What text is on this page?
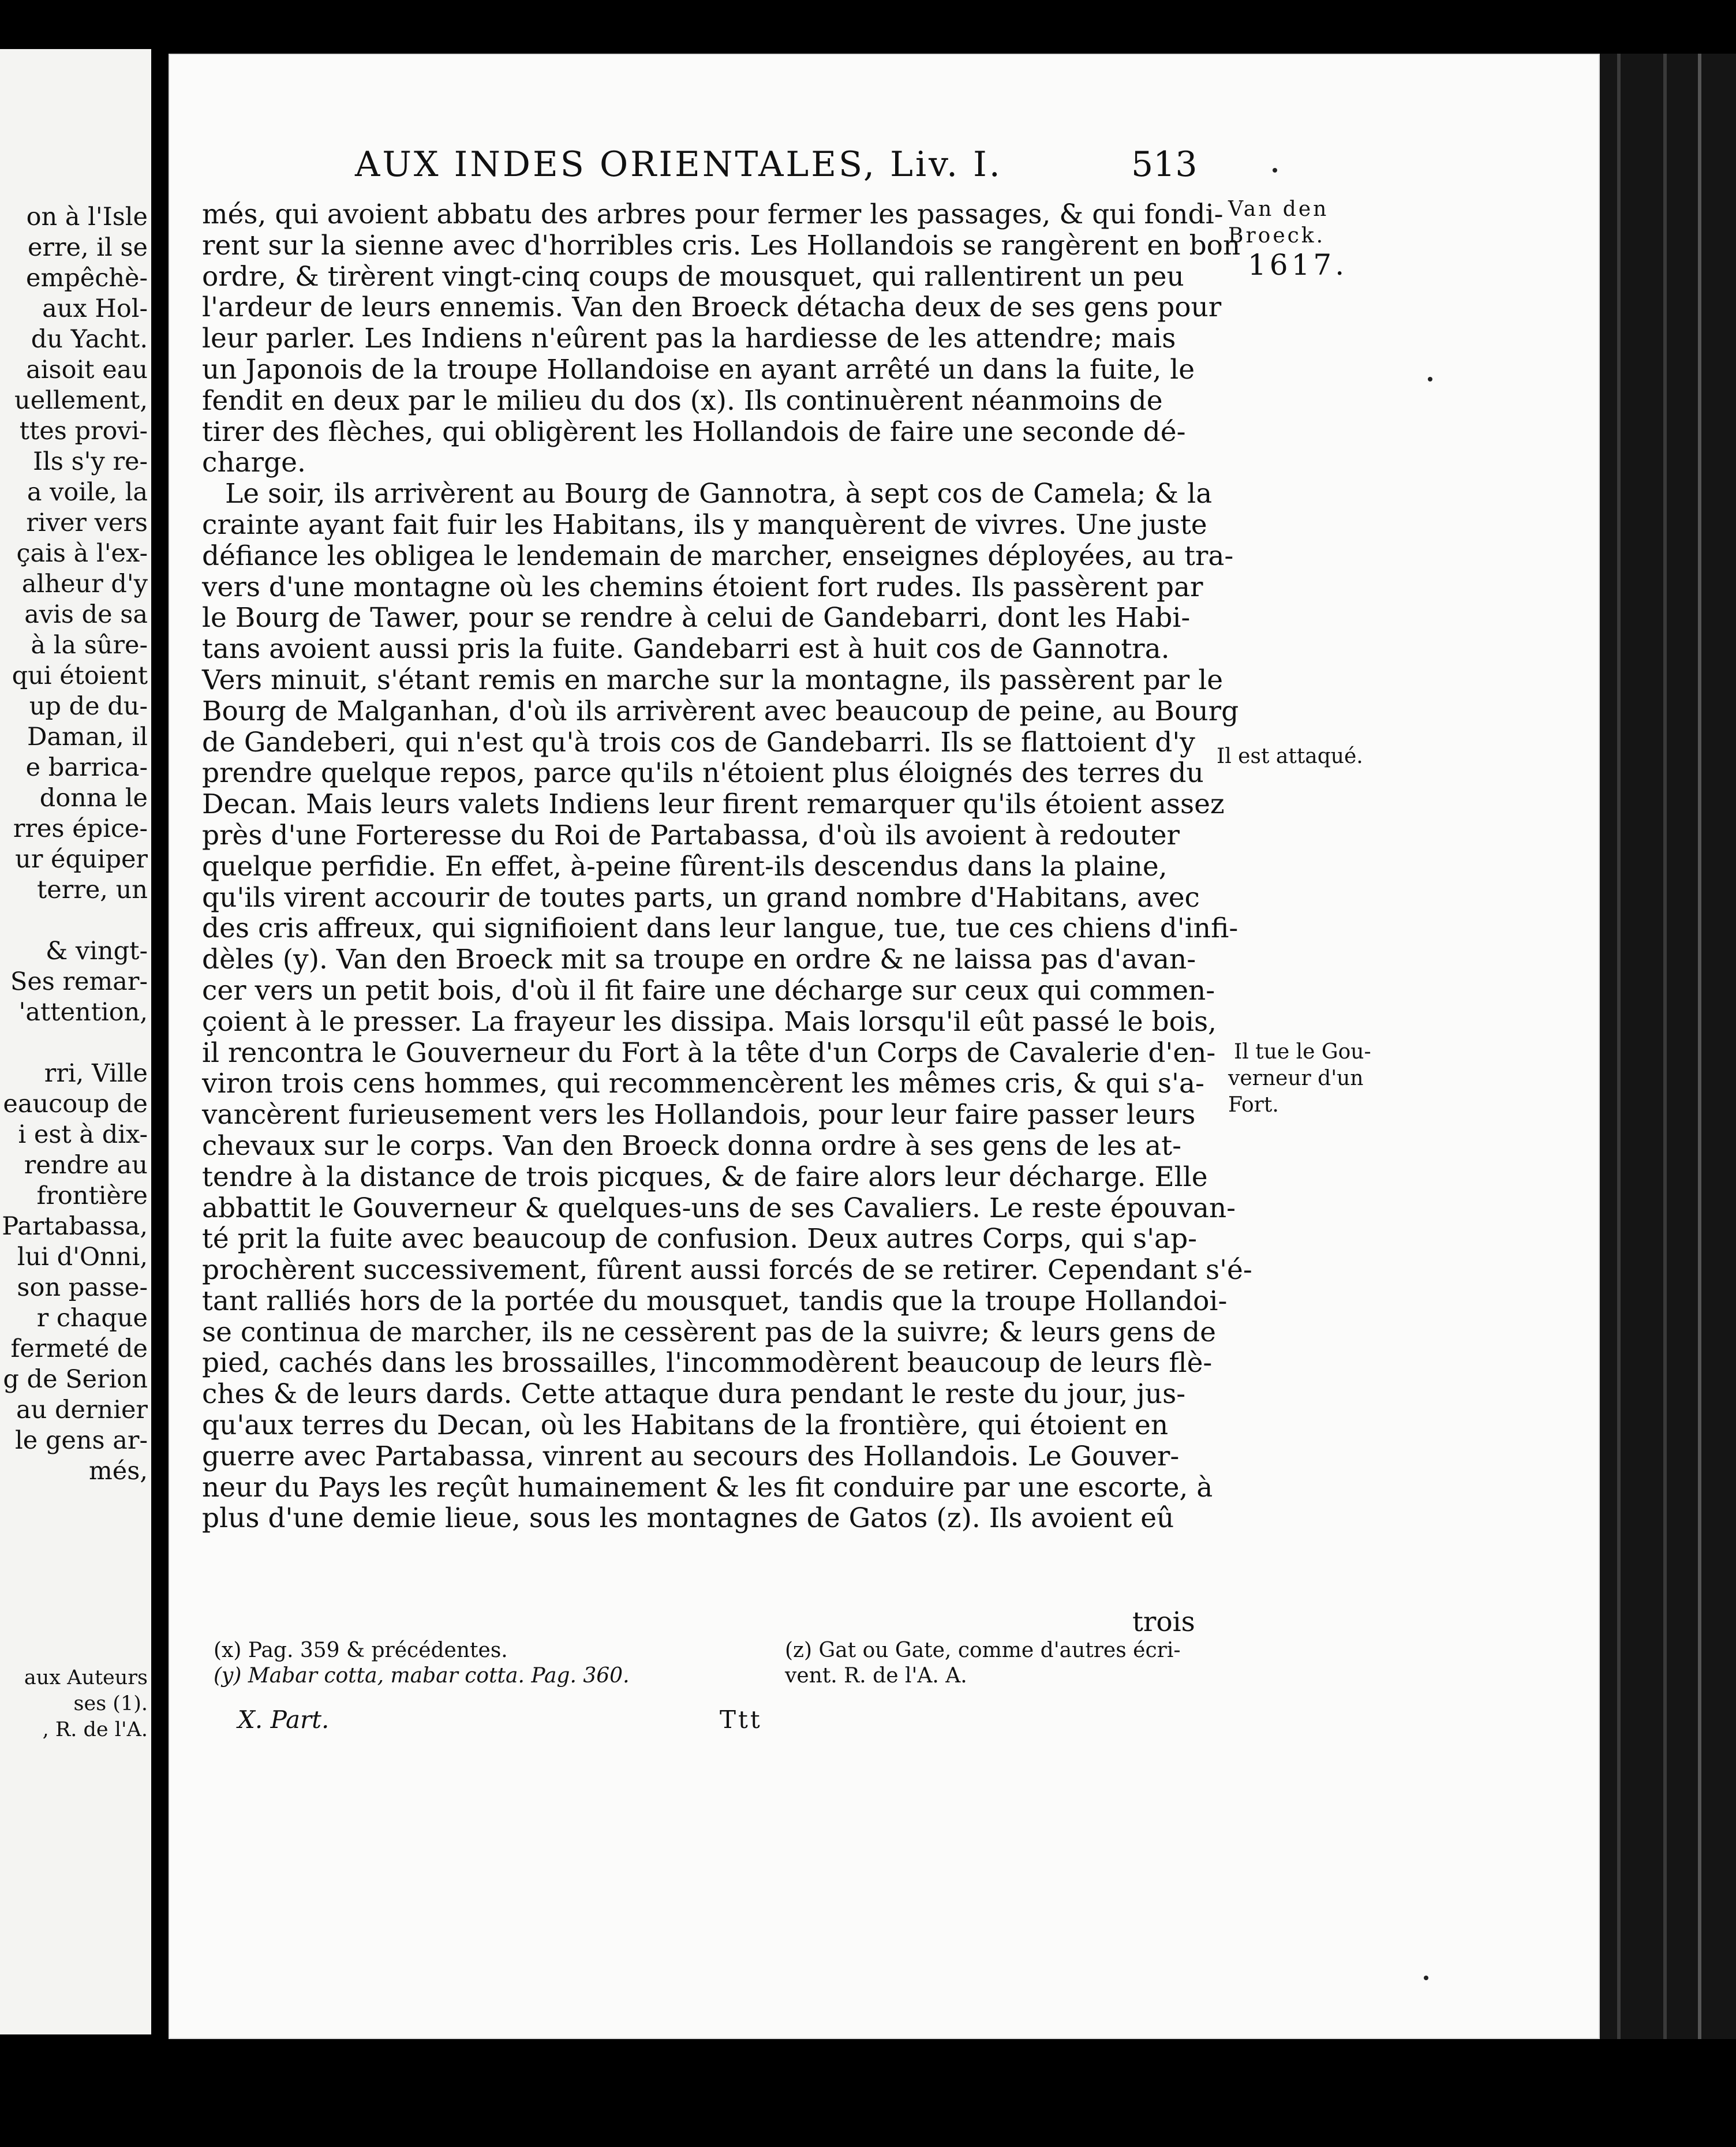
on à l'Isle
erre, il se
empêchè-
aux Hol-
du Yacht.
aisoit eau
uellement,
ttes provi-
Ils s'y re-
a voile, la
river vers
çais à l'ex-
alheur d'y
avis de sa
à la sûre-
qui étoient
up de du-
Daman, il
e barrica-
donna le
rres épice-
ur équiper
terre, un
& vingt-
Ses remar-
'attention,
rri, Ville
eaucoup de
i est à dix-
rendre au
frontière
Partabassa,
lui d'Onni,
son passe-
r chaque
fermeté de
g de Serion
au dernier
le gens ar-
més,
aux Auteurs
ses (1).
, R. de l'A.
més, qui avoient abbatu des arbres pour fermer les passages, & qui fondi-
rent sur la sienne avec d'horribles cris. Les Hollandois se rangèrent en bon
ordre, & tirèrent vingt-cinq coups de mousquet, qui rallentirent un peu
l'ardeur de leurs ennemis. Van den Broeck détacha deux de ses gens pour
leur parler. Les Indiens n'eûrent pas la hardiesse de les attendre; mais
un Japonois de la troupe Hollandoise en ayant arrêté un dans la fuite, le
fendit en deux par le milieu du dos (x). Ils continuèrent néanmoins de
tirer des flèches, qui obligèrent les Hollandois de faire une seconde dé-
charge.
Le soir, ils arrivèrent au Bourg de Gannotra, à sept cos de Camela; & la
crainte ayant fait fuir les Habitans, ils y manquèrent de vivres. Une juste
défiance les obligea le lendemain de marcher, enseignes déployées, au tra-
vers d'une montagne où les chemins étoient fort rudes. Ils passèrent par
le Bourg de Tawer, pour se rendre à celui de Gandebarri, dont les Habi-
tans avoient aussi pris la fuite. Gandebarri est à huit cos de Gannotra.
Vers minuit, s'étant remis en marche sur la montagne, ils passèrent par le
Bourg de Malganhan, d'où ils arrivèrent avec beaucoup de peine, au Bourg
de Gandeberi, qui n'est qu'à trois cos de Gandebarri. Ils se flattoient d'y
prendre quelque repos, parce qu'ils n'étoient plus éloignés des terres du
Decan. Mais leurs valets Indiens leur firent remarquer qu'ils étoient assez
près d'une Forteresse du Roi de Partabassa, d'où ils avoient à redouter
quelque perfidie. En effet, à-peine fûrent-ils descendus dans la plaine,
qu'ils virent accourir de toutes parts, un grand nombre d'Habitans, avec
des cris affreux, qui signifioient dans leur langue, tue, tue ces chiens d'infi-
dèles (y). Van den Broeck mit sa troupe en ordre & ne laissa pas d'avan-
cer vers un petit bois, d'où il fit faire une décharge sur ceux qui commen-
çoient à le presser. La frayeur les dissipa. Mais lorsqu'il eût passé le bois,
il rencontra le Gouverneur du Fort à la tête d'un Corps de Cavalerie d'en-
viron trois cens hommes, qui recommencèrent les mêmes cris, & qui s'a-
vancèrent furieusement vers les Hollandois, pour leur faire passer leurs
chevaux sur le corps. Van den Broeck donna ordre à ses gens de les at-
tendre à la distance de trois picques, & de faire alors leur décharge. Elle
abbattit le Gouverneur & quelques-uns de ses Cavaliers. Le reste épouvan-
té prit la fuite avec beaucoup de confusion. Deux autres Corps, qui s'ap-
prochèrent successivement, fûrent aussi forcés de se retirer. Cependant s'é-
tant ralliés hors de la portée du mousquet, tandis que la troupe Hollandoi-
se continua de marcher, ils ne cessèrent pas de la suivre; & leurs gens de
pied, cachés dans les brossailles, l'incommodèrent beaucoup de leurs flè-
ches & de leurs dards. Cette attaque dura pendant le reste du jour, jus-
qu'aux terres du Decan, où les Habitans de la frontière, qui étoient en
guerre avec Partabassa, vinrent au secours des Hollandois. Le Gouver-
neur du Pays les reçût humainement & les fit conduire par une escorte, à
plus d'une demie lieue, sous les montagnes de Gatos (z). Ils avoient eû
trois
(x) Pag. 359 & précédentes.
(y) Mabar cotta, mabar cotta. Pag. 360.
(z) Gat ou Gate, comme d'autres écri-
vent. R. de l'A. A.
X. Part.	Ttt
AUX INDES ORIENTALES, Liv. I.	513
Van den
Broeck.
1617.
Il est attaqué.
Il tue le Gou-
verneur d'un
Fort.
